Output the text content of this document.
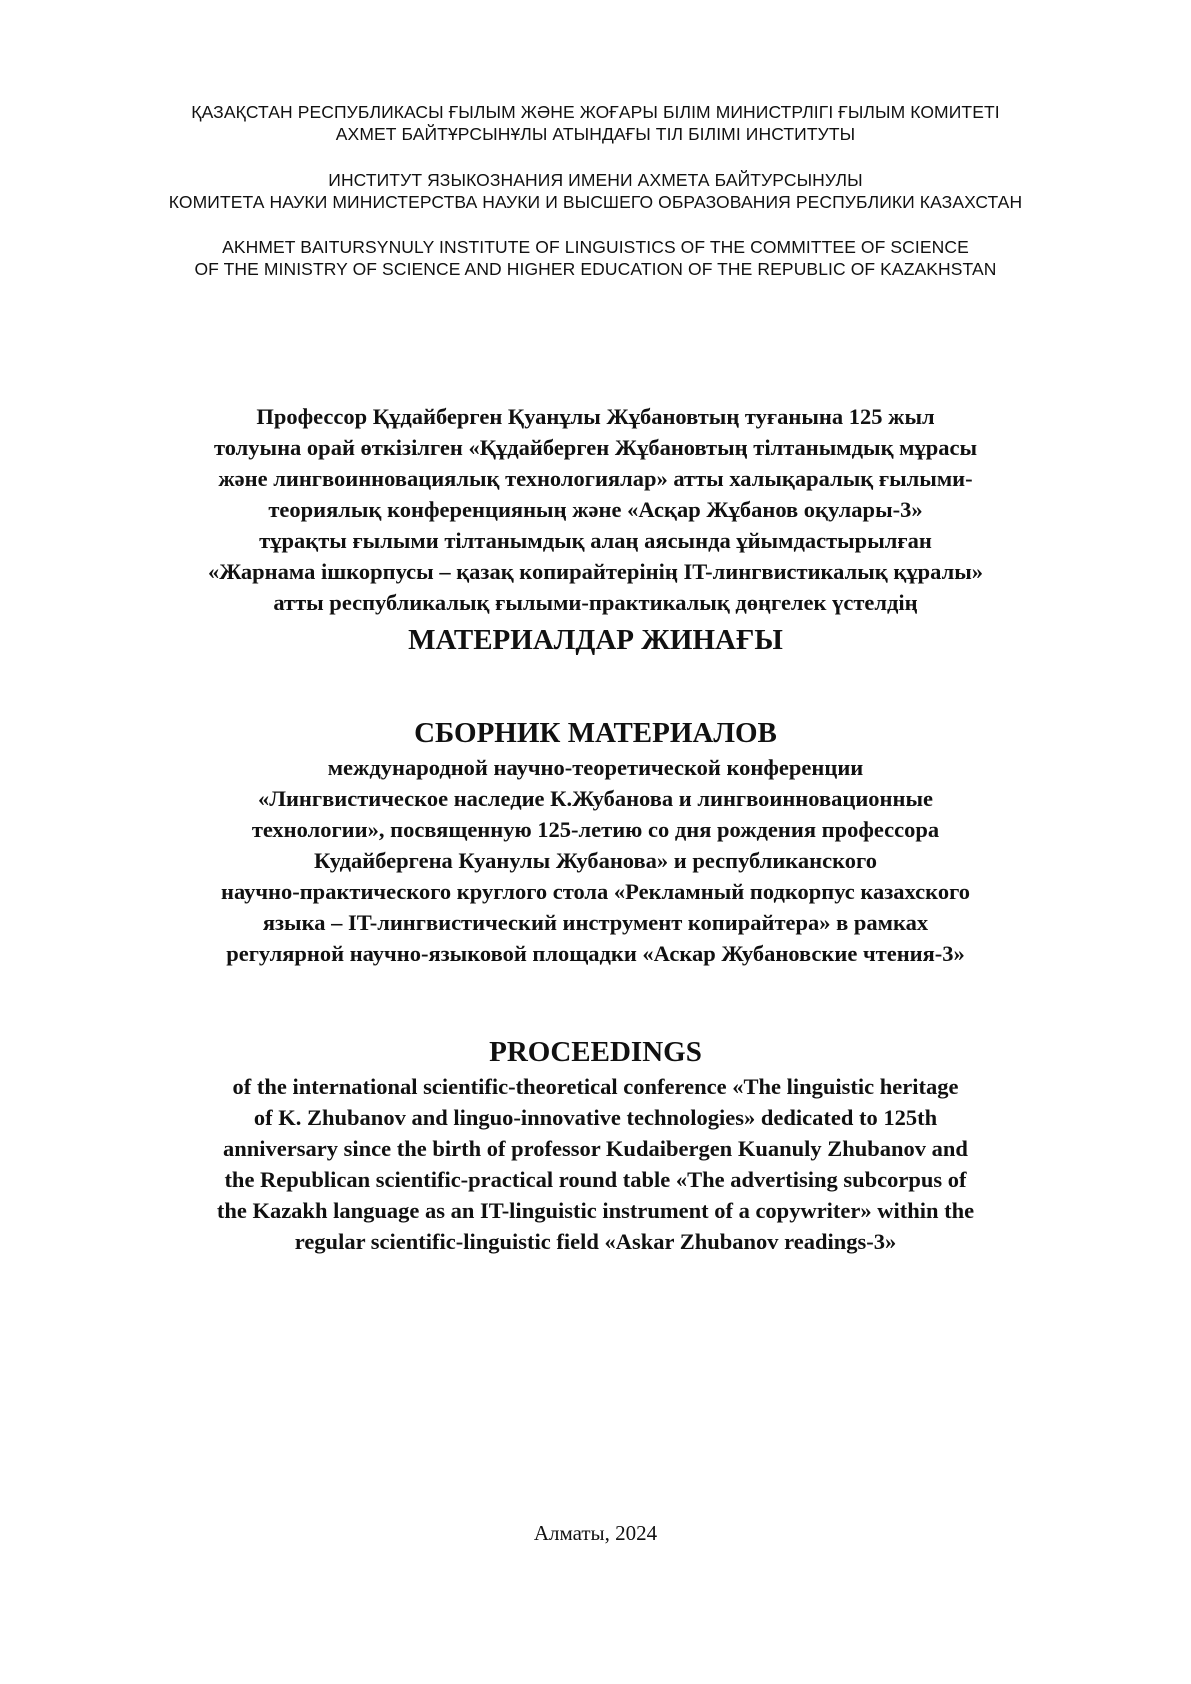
ҚАЗАҚСТАН РЕСПУБЛИКАСЫ ҒЫЛЫМ ЖӘНЕ ЖОҒАРЫ БІЛІМ МИНИСТРЛІГІ ҒЫЛЫМ КОМИТЕТІ
АХМЕТ БАЙТҰРСЫНҰЛЫ АТЫНДАҒЫ ТІЛ БІЛІМІ ИНСТИТУТЫ
ИНСТИТУТ ЯЗЫКОЗНАНИЯ ИМЕНИ АХМЕТА БАЙТУРСЫНУЛЫ
КОМИТЕТА НАУКИ МИНИСТЕРСТВА НАУКИ И ВЫСШЕГО ОБРАЗОВАНИЯ РЕСПУБЛИКИ КАЗАХСТАН
AKHMET BAITURSYNULY INSTITUTE OF LINGUISTICS OF THE COMMITTEE OF SCIENCE
OF THE MINISTRY OF SCIENCE AND HIGHER EDUCATION OF THE REPUBLIC OF KAZAKHSTAN
Профессор Құдайберген Қуанұлы Жұбановтың туғанына 125 жыл
толуына орай өткізілген «Құдайберген Жұбановтың тілтанымдық мұрасы
және лингвоинновациялық технологиялар» атты халықаралық ғылыми-
теориялық конференцияның және «Асқар Жұбанов оқулары-3»
тұрақты ғылыми тілтанымдық алаң аясында ұйымдастырылған
«Жарнама ішкорпусы – қазақ копирайтерінің IT-лингвистикалық құралы»
атты республикалық ғылыми-практикалық дөңгелек үстелдің
МАТЕРИАЛДАР ЖИНАҒЫ
СБОРНИК МАТЕРИАЛОВ
международной научно-теоретической конференции
«Лингвистическое наследие К.Жубанова и лингвоинновационные
технологии», посвященную 125-летию со дня рождения профессора
Кудайбергена Куанулы Жубанова» и республиканского
научно-практического круглого стола «Рекламный подкорпус казахского
языка – IT-лингвистический инструмент копирайтера» в рамках
регулярной научно-языковой площадки «Аскар Жубановские чтения-3»
PROCEEDINGS
of the international scientific-theoretical conference «The linguistic heritage
of K. Zhubanov and linguo-innovative technologies» dedicated to 125th
anniversary since the birth of professor Kudaibergen Kuanuly Zhubanov and
the Republican scientific-practical round table «The advertising subcorpus of
the Kazakh language as an IT-linguistic instrument of a copywriter» within the
regular scientific-linguistic field «Askar Zhubanov readings-3»
Алматы, 2024
